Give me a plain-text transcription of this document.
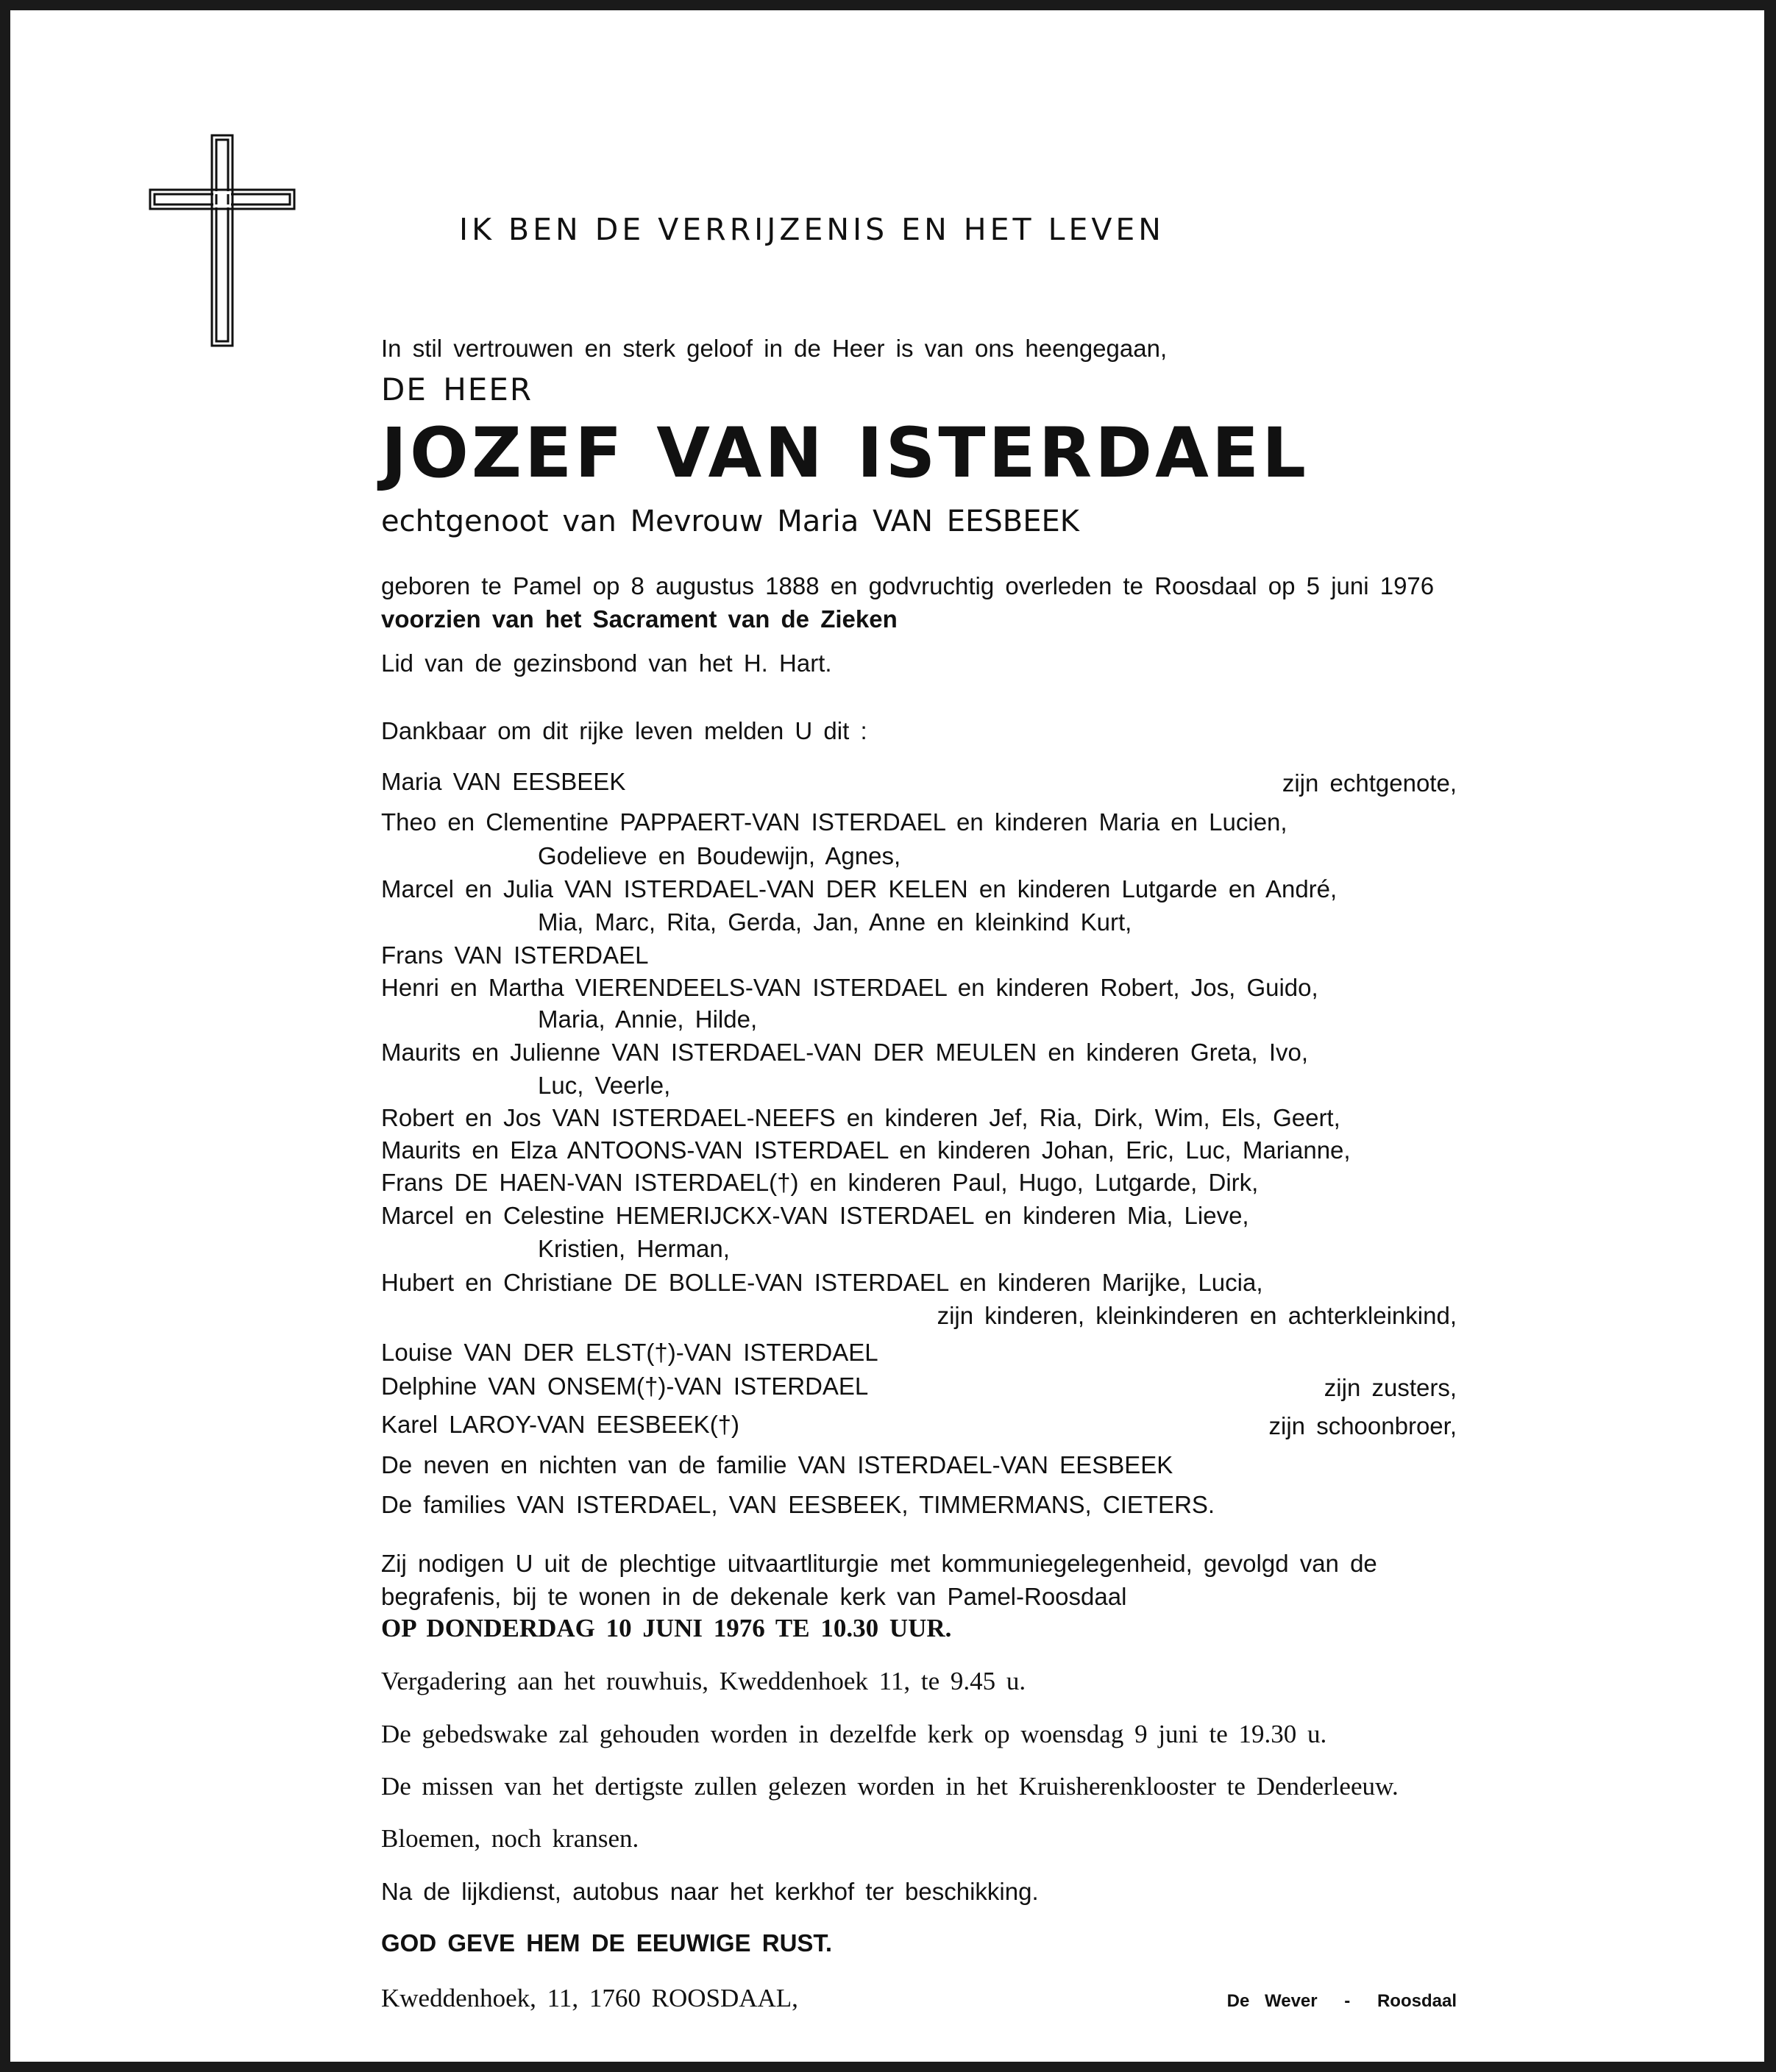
IK BEN DE VERRIJZENIS EN HET LEVEN
In stil vertrouwen en sterk geloof in de Heer is van ons heengegaan,
DE HEER
JOZEF VAN ISTERDAEL
echtgenoot van Mevrouw Maria VAN EESBEEK
geboren te Pamel op 8 augustus 1888 en godvruchtig overleden te Roosdaal op 5 juni 1976
voorzien van het Sacrament van de Zieken
Lid van de gezinsbond van het H. Hart.
Dankbaar om dit rijke leven melden U dit :
Maria VAN EESBEEK	zijn echtgenote,
Theo en Clementine PAPPAERT-VAN ISTERDAEL en kinderen Maria en Lucien,
Godelieve en Boudewijn, Agnes,
Marcel en Julia VAN ISTERDAEL-VAN DER KELEN en kinderen Lutgarde en André,
Mia, Marc, Rita, Gerda, Jan, Anne en kleinkind Kurt,
Frans VAN ISTERDAEL
Henri en Martha VIERENDEELS-VAN ISTERDAEL en kinderen Robert, Jos, Guido,
Maria, Annie, Hilde,
Maurits en Julienne VAN ISTERDAEL-VAN DER MEULEN en kinderen Greta, Ivo,
Luc, Veerle,
Robert en Jos VAN ISTERDAEL-NEEFS en kinderen Jef, Ria, Dirk, Wim, Els, Geert,
Maurits en Elza ANTOONS-VAN ISTERDAEL en kinderen Johan, Eric, Luc, Marianne,
Frans DE HAEN-VAN ISTERDAEL(†) en kinderen Paul, Hugo, Lutgarde, Dirk,
Marcel en Celestine HEMERIJCKX-VAN ISTERDAEL en kinderen Mia, Lieve,
Kristien, Herman,
Hubert en Christiane DE BOLLE-VAN ISTERDAEL en kinderen Marijke, Lucia,
zijn kinderen, kleinkinderen en achterkleinkind,
Louise VAN DER ELST(†)-VAN ISTERDAEL
Delphine VAN ONSEM(†)-VAN ISTERDAEL	zijn zusters,
Karel LAROY-VAN EESBEEK(†)	zijn schoonbroer,
De neven en nichten van de familie VAN ISTERDAEL-VAN EESBEEK
De families VAN ISTERDAEL, VAN EESBEEK, TIMMERMANS, CIETERS.
Zij nodigen U uit de plechtige uitvaartliturgie met kommuniegelegenheid, gevolgd van de
begrafenis, bij te wonen in de dekenale kerk van Pamel-Roosdaal
OP DONDERDAG 10 JUNI 1976 TE 10.30 UUR.
Vergadering aan het rouwhuis, Kweddenhoek 11, te 9.45 u.
De gebedswake zal gehouden worden in dezelfde kerk op woensdag 9 juni te 19.30 u.
De missen van het dertigste zullen gelezen worden in het Kruisherenklooster te Denderleeuw.
Bloemen, noch kransen.
Na de lijkdienst, autobus naar het kerkhof ter beschikking.
GOD GEVE HEM DE EEUWIGE RUST.
Kweddenhoek, 11, 1760 ROOSDAAL,	De Wever - Roosdaal
